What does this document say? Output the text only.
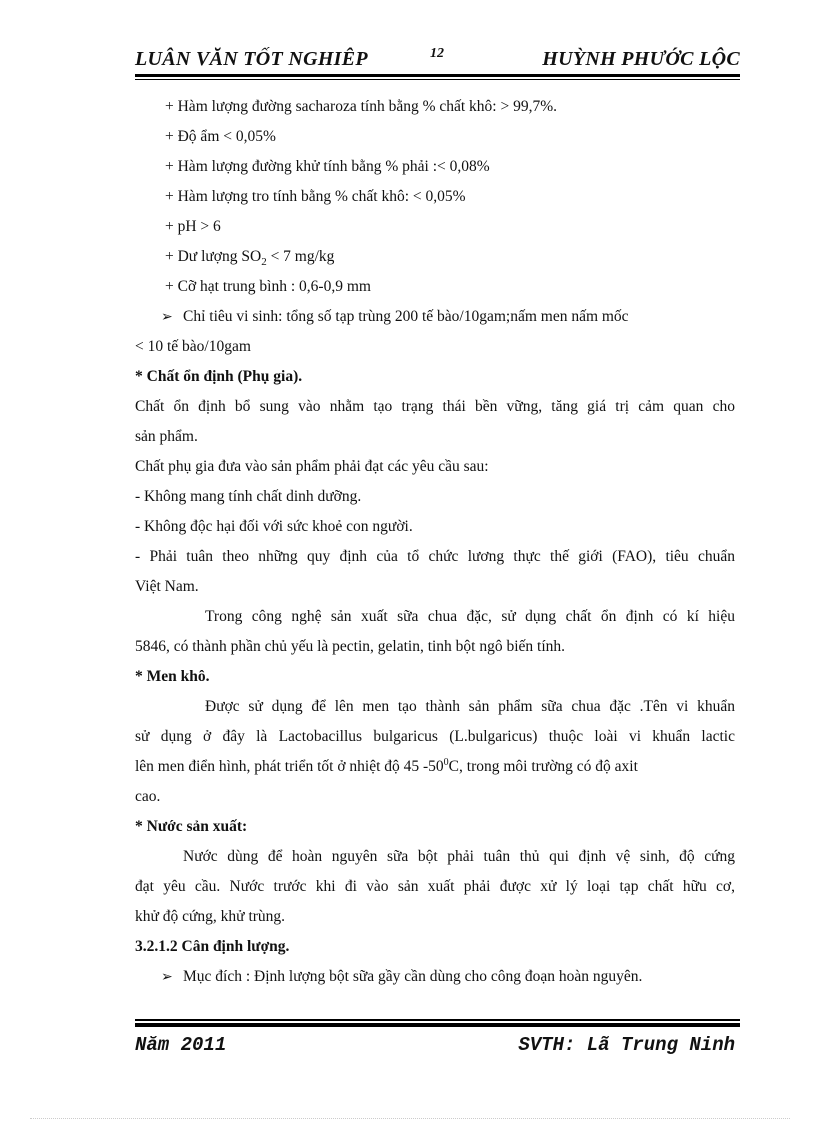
LUÂN VĂN TỐT NGHIÊP	12	HUỲNH PHƯỚC LỘC
+ Hàm lượng đường sacharoza tính bằng % chất khô: > 99,7%.
+ Độ ẩm < 0,05%
+ Hàm lượng đường khử tính bằng % phải :< 0,08%
+ Hàm lượng tro tính bằng % chất khô: < 0,05%
+ pH > 6
+ Dư lượng $SO_2 < 7$ mg/kg
+ Cỡ hạt trung bình : 0,6-0,9 mm
➢ Chỉ tiêu vi sinh: tổng số tạp trùng 200 tế bào/10gam;nấm men nấm mốc
< 10 tế bào/10gam
* Chất ổn định (Phụ gia).
Chất ổn định bổ sung vào nhằm tạo trạng thái bền vững, tăng giá trị cảm quan cho
sản phẩm.
Chất phụ gia đưa vào sản phẩm phải đạt các yêu cầu sau:
- Không mang tính chất dinh dưỡng.
- Không độc hại đối với sức khoẻ con người.
- Phải tuân theo những quy định của tổ chức lương thực thế giới (FAO), tiêu chuẩn
Việt Nam.
Trong công nghệ sản xuất sữa chua đặc, sử dụng chất ổn định có kí hiệu
5846, có thành phần chủ yếu là pectin, gelatin, tinh bột ngô biến tính.
* Men khô.
Được sử dụng để lên men tạo thành sản phẩm sữa chua đặc .Tên vi khuẩn
sử dụng ở đây là Lactobacillus bulgaricus (L.bulgaricus) thuộc loài vi khuẩn lactic
lên men điển hình, phát triển tốt ở nhiệt độ 45 $-50^0C$, trong môi trường có độ axit
cao.
* Nước sản xuất:
Nước dùng để hoàn nguyên sữa bột phải tuân thủ qui định vệ sinh, độ cứng
đạt yêu cầu. Nước trước khi đi vào sản xuất phải được xử lý loại tạp chất hữu cơ,
khử độ cứng, khử trùng.
3.2.1.2 Cân định lượng.
➢ Mục đích : Định lượng bột sữa gầy cần dùng cho công đoạn hoàn nguyên.
Năm 2011	SVTH: Lã Trung Ninh
